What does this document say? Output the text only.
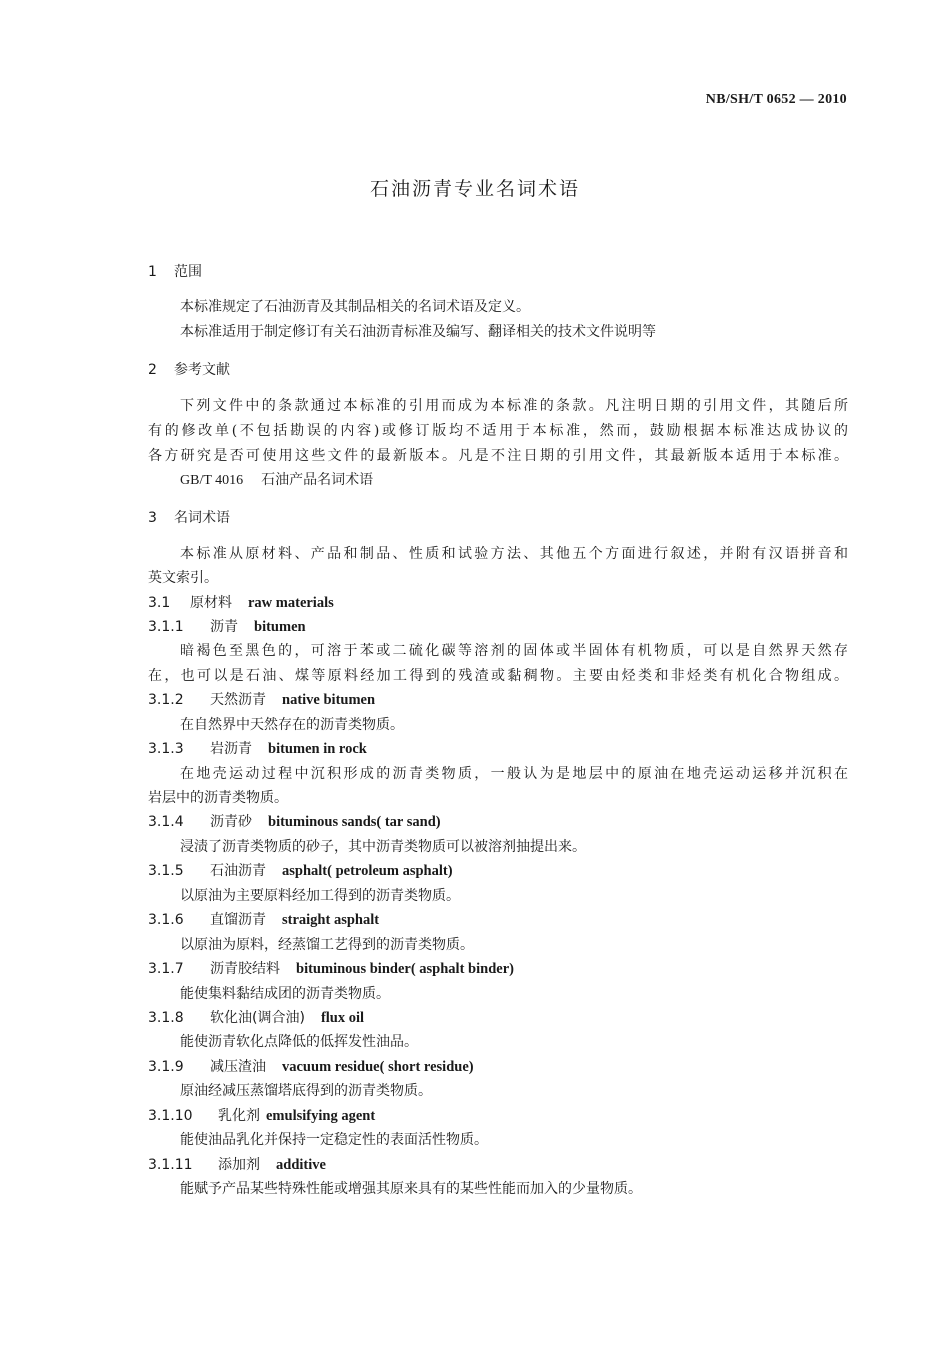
NB/SH/T 0652 — 2010
石油沥青专业名词术语
1 范围
本标准规定了石油沥青及其制品相关的名词术语及定义。
本标准适用于制定修订有关石油沥青标准及编写、翻译相关的技术文件说明等
2 参考文献
下列文件中的条款通过本标准的引用而成为本标准的条款。凡注明日期的引用文件，其随后所
有的修改单(不包括勘误的内容)或修订版均不适用于本标准，然而，鼓励根据本标准达成协议的
各方研究是否可使用这些文件的最新版本。凡是不注日期的引用文件，其最新版本适用于本标准。
GB/T 4016 石油产品名词术语
3 名词术语
本标准从原材料、产品和制品、性质和试验方法、其他五个方面进行叙述，并附有汉语拼音和
英文索引。
3.1 原材料 raw materials
3.1.1 沥青 bitumen
暗褐色至黑色的，可溶于苯或二硫化碳等溶剂的固体或半固体有机物质，可以是自然界天然存
在，也可以是石油、煤等原料经加工得到的残渣或黏稠物。主要由烃类和非烃类有机化合物组成。
3.1.2 天然沥青 native bitumen
在自然界中天然存在的沥青类物质。
3.1.3 岩沥青 bitumen in rock
在地壳运动过程中沉积形成的沥青类物质，一般认为是地层中的原油在地壳运动运移并沉积在
岩层中的沥青类物质。
3.1.4 沥青砂 bituminous sands( tar sand)
浸渍了沥青类物质的砂子，其中沥青类物质可以被溶剂抽提出来。
3.1.5 石油沥青 asphalt( petroleum asphalt)
以原油为主要原料经加工得到的沥青类物质。
3.1.6 直馏沥青 straight asphalt
以原油为原料，经蒸馏工艺得到的沥青类物质。
3.1.7 沥青胶结料 bituminous binder( asphalt binder)
能使集料黏结成团的沥青类物质。
3.1.8 软化油(调合油) flux oil
能使沥青软化点降低的低挥发性油品。
3.1.9 减压渣油 vacuum residue( short residue)
原油经减压蒸馏塔底得到的沥青类物质。
3.1.10 乳化剂 emulsifying agent
能使油品乳化并保持一定稳定性的表面活性物质。
3.1.11 添加剂 additive
能赋予产品某些特殊性能或增强其原来具有的某些性能而加入的少量物质。
